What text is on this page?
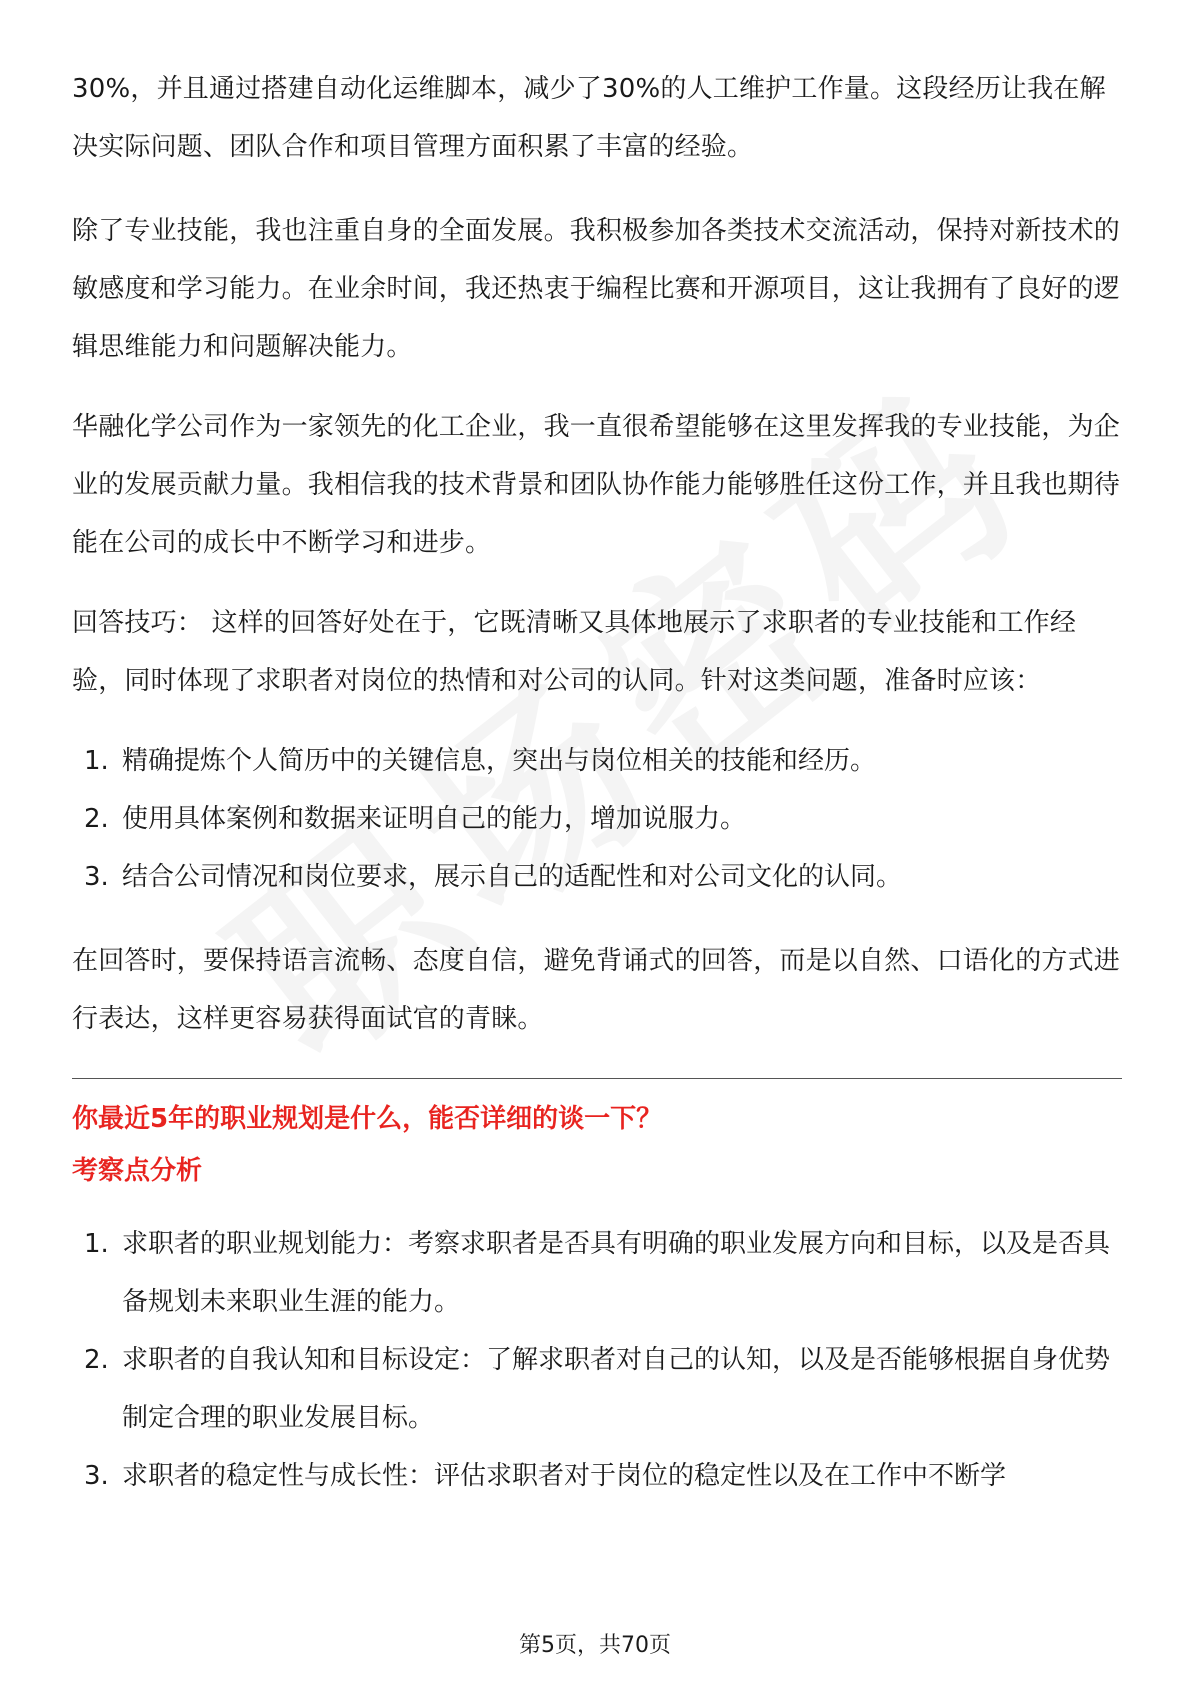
30%，并且通过搭建自动化运维脚本，减少了30%的人工维护工作量。这段经历让我在解决实际问题、团队合作和项目管理方面积累了丰富的经验。

除了专业技能，我也注重自身的全面发展。我积极参加各类技术交流活动，保持对新技术的敏感度和学习能力。在业余时间，我还热衷于编程比赛和开源项目，这让我拥有了良好的逻辑思维能力和问题解决能力。

华融化学公司作为一家领先的化工企业，我一直很希望能够在这里发挥我的专业技能，为企业的发展贡献力量。我相信我的技术背景和团队协作能力能够胜任这份工作，并且我也期待能在公司的成长中不断学习和进步。

回答技巧： 这样的回答好处在于，它既清晰又具体地展示了求职者的专业技能和工作经验，同时体现了求职者对岗位的热情和对公司的认同。针对这类问题，准备时应该：

1. 精确提炼个人简历中的关键信息，突出与岗位相关的技能和经历。
2. 使用具体案例和数据来证明自己的能力，增加说服力。
3. 结合公司情况和岗位要求，展示自己的适配性和对公司文化的认同。

在回答时，要保持语言流畅、态度自信，避免背诵式的回答，而是以自然、口语化的方式进行表达，这样更容易获得面试官的青睐。

你最近5年的职业规划是什么，能否详细的谈一下？

考察点分析

1. 求职者的职业规划能力：考察求职者是否具有明确的职业发展方向和目标，以及是否具备规划未来职业生涯的能力。
2. 求职者的自我认知和目标设定：了解求职者对自己的认知，以及是否能够根据自身优势制定合理的职业发展目标。
3. 求职者的稳定性与成长性：评估求职者对于岗位的稳定性以及在工作中不断学
第5页，共70页
